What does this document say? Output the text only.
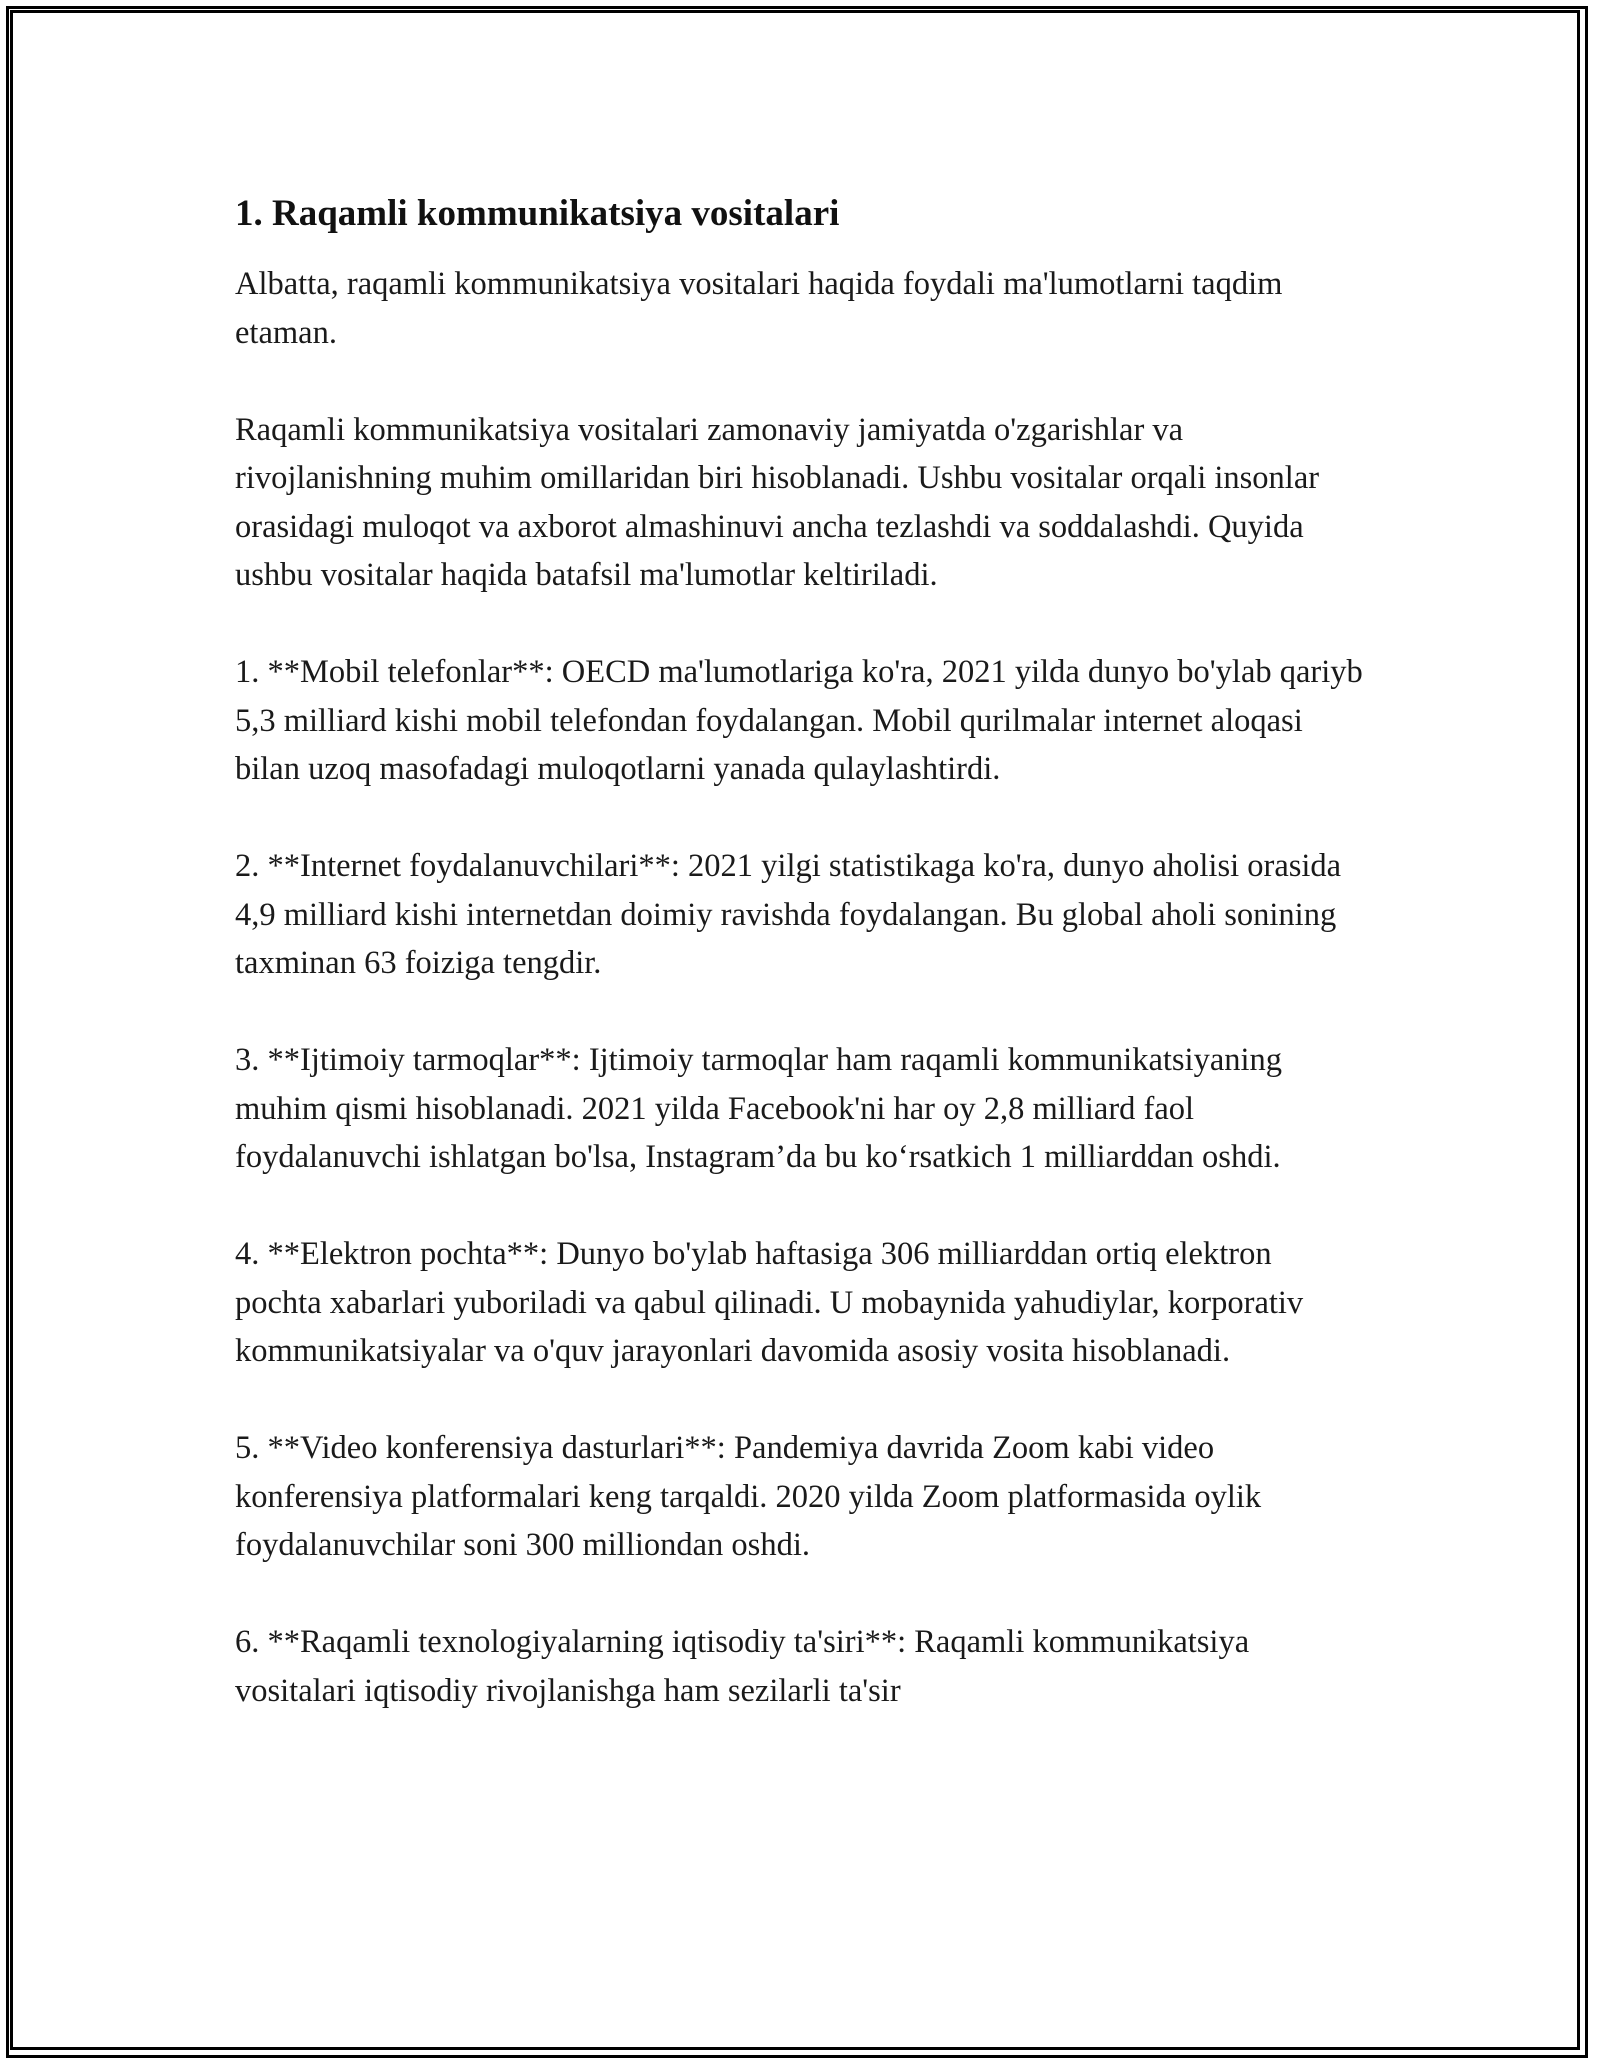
1. Raqamli kommunikatsiya vositalari

Albatta, raqamli kommunikatsiya vositalari haqida foydali ma'lumotlarni taqdim etaman.

Raqamli kommunikatsiya vositalari zamonaviy jamiyatda o'zgarishlar va rivojlanishning muhim omillaridan biri hisoblanadi. Ushbu vositalar orqali insonlar orasidagi muloqot va axborot almashinuvi ancha tezlashdi va soddalashdi. Quyida ushbu vositalar haqida batafsil ma'lumotlar keltiriladi.

1. **Mobil telefonlar**: OECD ma'lumotlariga ko'ra, 2021 yilda dunyo bo'ylab qariyb 5,3 milliard kishi mobil telefondan foydalangan. Mobil qurilmalar internet aloqasi bilan uzoq masofadagi muloqotlarni yanada qulaylashtirdi.

2. **Internet foydalanuvchilari**: 2021 yilgi statistikaga ko'ra, dunyo aholisi orasida 4,9 milliard kishi internetdan doimiy ravishda foydalangan. Bu global aholi sonining taxminan 63 foiziga tengdir.

3. **Ijtimoiy tarmoqlar**: Ijtimoiy tarmoqlar ham raqamli kommunikatsiyaning muhim qismi hisoblanadi. 2021 yilda Facebook'ni har oy 2,8 milliard faol foydalanuvchi ishlatgan bo'lsa, Instagram’da bu ko‘rsatkich 1 milliarddan oshdi.

4. **Elektron pochta**: Dunyo bo'ylab haftasiga 306 milliarddan ortiq elektron pochta xabarlari yuboriladi va qabul qilinadi. U mobaynida yahudiylar, korporativ kommunikatsiyalar va o'quv jarayonlari davomida asosiy vosita hisoblanadi.

5. **Video konferensiya dasturlari**: Pandemiya davrida Zoom kabi video konferensiya platformalari keng tarqaldi. 2020 yilda Zoom platformasida oylik foydalanuvchilar soni 300 milliondan oshdi.

6. **Raqamli texnologiyalarning iqtisodiy ta'siri**: Raqamli kommunikatsiya vositalari iqtisodiy rivojlanishga ham sezilarli ta'sir
